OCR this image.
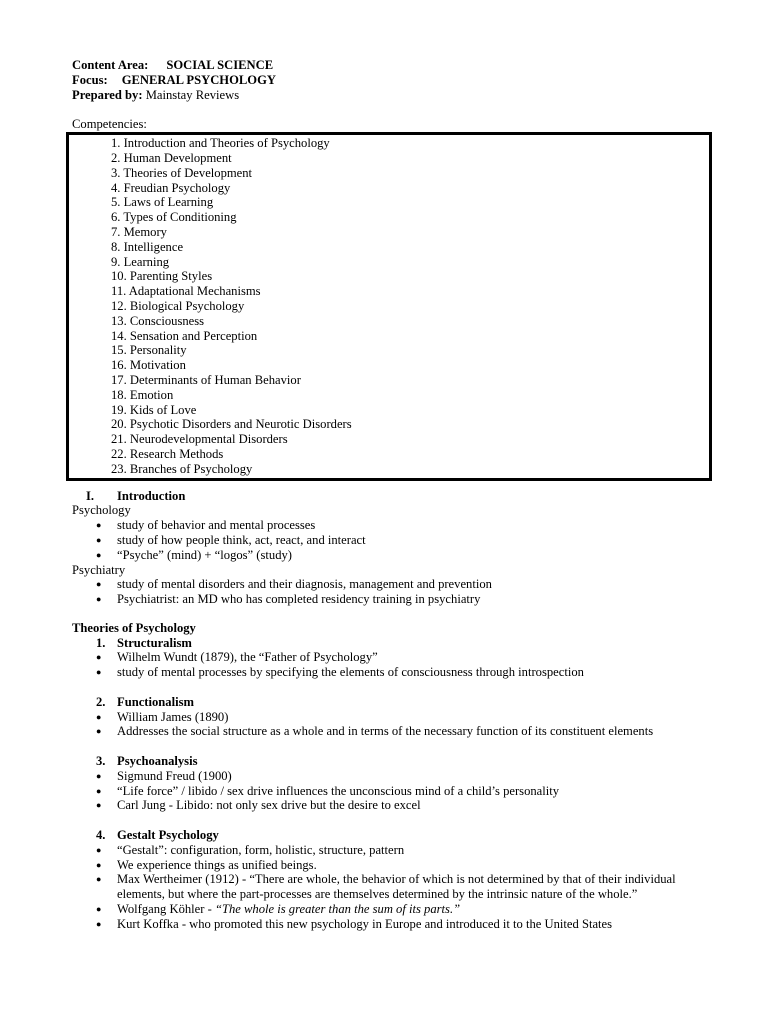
Content Area: SOCIAL SCIENCE
Focus: GENERAL PSYCHOLOGY
Prepared by: Mainstay Reviews
Competencies:
1. Introduction and Theories of Psychology
2. Human Development
3. Theories of Development
4. Freudian Psychology
5. Laws of Learning
6. Types of Conditioning
7. Memory
8. Intelligence
9. Learning
10. Parenting Styles
11. Adaptational Mechanisms
12. Biological Psychology
13. Consciousness
14. Sensation and Perception
15. Personality
16. Motivation
17. Determinants of Human Behavior
18. Emotion
19. Kids of Love
20. Psychotic Disorders and Neurotic Disorders
21. Neurodevelopmental Disorders
22. Research Methods
23. Branches of Psychology
I. Introduction
Psychology
● study of behavior and mental processes
● study of how people think, act, react, and interact
● “Psyche” (mind) + “logos” (study)
Psychiatry
● study of mental disorders and their diagnosis, management and prevention
● Psychiatrist: an MD who has completed residency training in psychiatry
Theories of Psychology
1. Structuralism
● Wilhelm Wundt (1879), the “Father of Psychology”
● study of mental processes by specifying the elements of consciousness through introspection
2. Functionalism
● William James (1890)
● Addresses the social structure as a whole and in terms of the necessary function of its constituent elements
3. Psychoanalysis
● Sigmund Freud (1900)
● “Life force” / libido / sex drive influences the unconscious mind of a child’s personality
● Carl Jung - Libido: not only sex drive but the desire to excel
4. Gestalt Psychology
● “Gestalt”: configuration, form, holistic, structure, pattern
● We experience things as unified beings.
● Max Wertheimer (1912) - “There are whole, the behavior of which is not determined by that of their individual elements, but where the part-processes are themselves determined by the intrinsic nature of the whole.”
● Wolfgang Köhler - “The whole is greater than the sum of its parts.”
● Kurt Koffka - who promoted this new psychology in Europe and introduced it to the United States
